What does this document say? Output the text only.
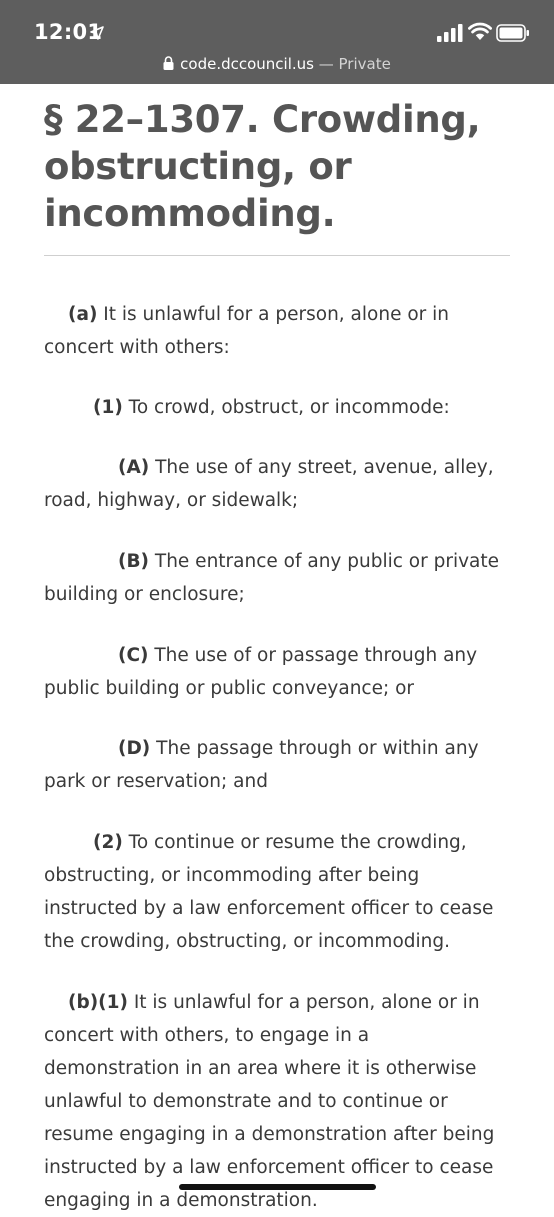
12:01
code.dccouncil.us — Private
§ 22–1307. Crowding, obstructing, or incommoding.

(a) It is unlawful for a person, alone or in concert with others:

(1) To crowd, obstruct, or incommode:

(A) The use of any street, avenue, alley, road, highway, or sidewalk;

(B) The entrance of any public or private building or enclosure;

(C) The use of or passage through any public building or public conveyance; or

(D) The passage through or within any park or reservation; and

(2) To continue or resume the crowding, obstructing, or incommoding after being instructed by a law enforcement officer to cease the crowding, obstructing, or incommoding.

(b)(1) It is unlawful for a person, alone or in concert with others, to engage in a demonstration in an area where it is otherwise unlawful to demonstrate and to continue or resume engaging in a demonstration after being instructed by a law enforcement officer to cease engaging in a demonstration.
